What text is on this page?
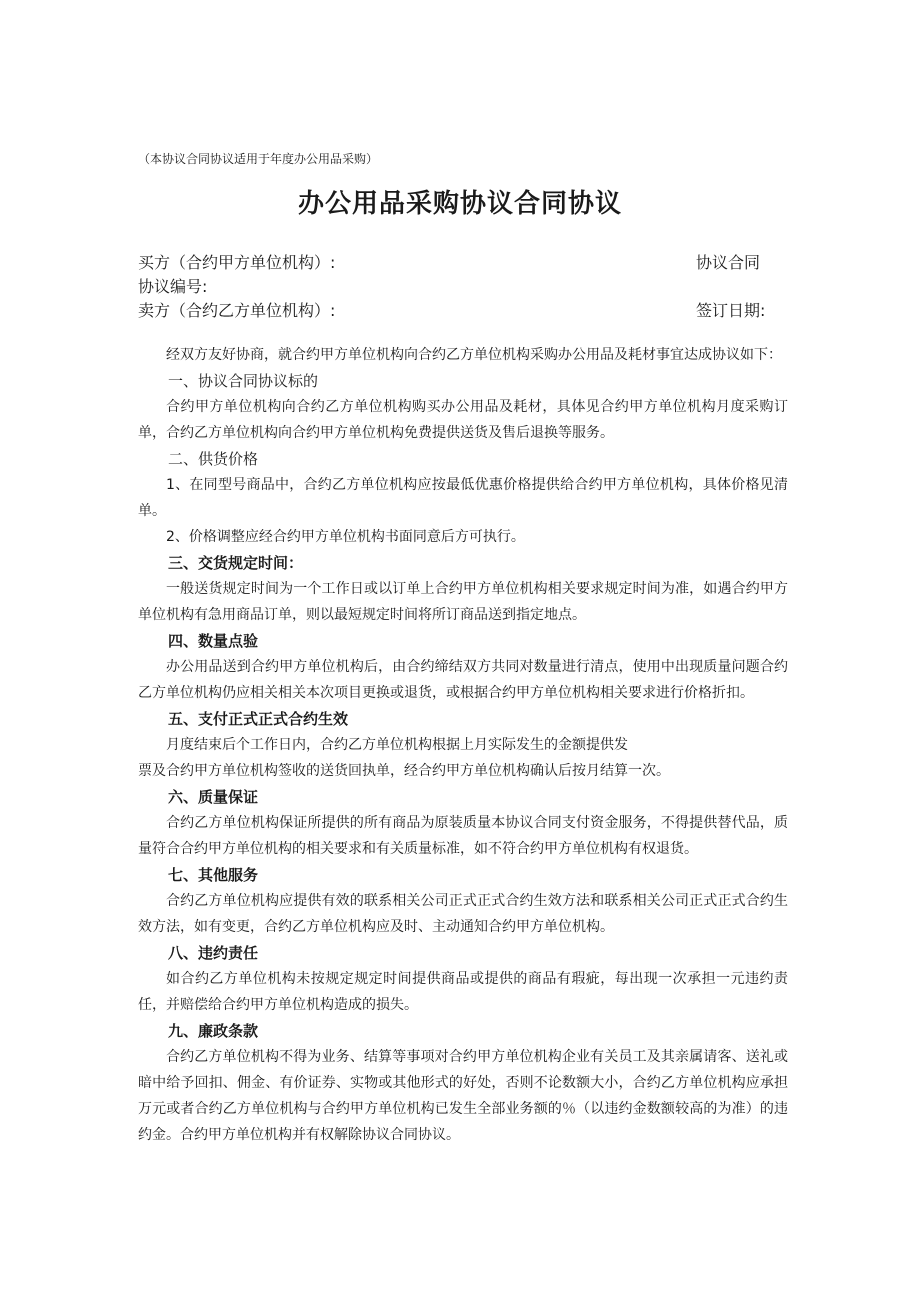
（本协议合同协议适用于年度办公用品采购）
办公用品采购协议合同协议
买方（合约甲方单位机构）:	协议合同
协议编号:
卖方（合约乙方单位机构）:	签订日期:

经双方友好协商，就合约甲方单位机构向合约乙方单位机构采购办公用品及耗材事宜达成协议如下：

一、协议合同协议标的

合约甲方单位机构向合约乙方单位机构购买办公用品及耗材，具体见合约甲方单位机构月度采购订单，合约乙方单位机构向合约甲方单位机构免费提供送货及售后退换等服务。

二、供货价格

1、在同型号商品中，合约乙方单位机构应按最低优惠价格提供给合约甲方单位机构，具体价格见清单。

2、价格调整应经合约甲方单位机构书面同意后方可执行。

三、交货规定时间：

一般送货规定时间为一个工作日或以订单上合约甲方单位机构相关要求规定时间为准，如遇合约甲方单位机构有急用商品订单，则以最短规定时间将所订商品送到指定地点。

四、数量点验

办公用品送到合约甲方单位机构后，由合约缔结双方共同对数量进行清点，使用中出现质量问题合约乙方单位机构仍应相关相关本次项目更换或退货，或根据合约甲方单位机构相关要求进行价格折扣。

五、支付正式正式合约生效

月度结束后个工作日内，合约乙方单位机构根据上月实际发生的金额提供发

票及合约甲方单位机构签收的送货回执单，经合约甲方单位机构确认后按月结算一次。

六、质量保证

合约乙方单位机构保证所提供的所有商品为原装质量本协议合同支付资金服务，不得提供替代品，质量符合合约甲方单位机构的相关要求和有关质量标准，如不符合约甲方单位机构有权退货。

七、其他服务

合约乙方单位机构应提供有效的联系相关公司正式正式合约生效方法和联系相关公司正式正式合约生效方法，如有变更，合约乙方单位机构应及时、主动通知合约甲方单位机构。

八、违约责任

如合约乙方单位机构未按规定规定时间提供商品或提供的商品有瑕疵，每出现一次承担一元违约责任，并赔偿给合约甲方单位机构造成的损失。

九、廉政条款

合约乙方单位机构不得为业务、结算等事项对合约甲方单位机构企业有关员工及其亲属请客、送礼或暗中给予回扣、佣金、有价证券、实物或其他形式的好处，否则不论数额大小，合约乙方单位机构应承担万元或者合约乙方单位机构与合约甲方单位机构已发生全部业务额的％（以违约金数额较高的为准）的违约金。合约甲方单位机构并有权解除协议合同协议。
